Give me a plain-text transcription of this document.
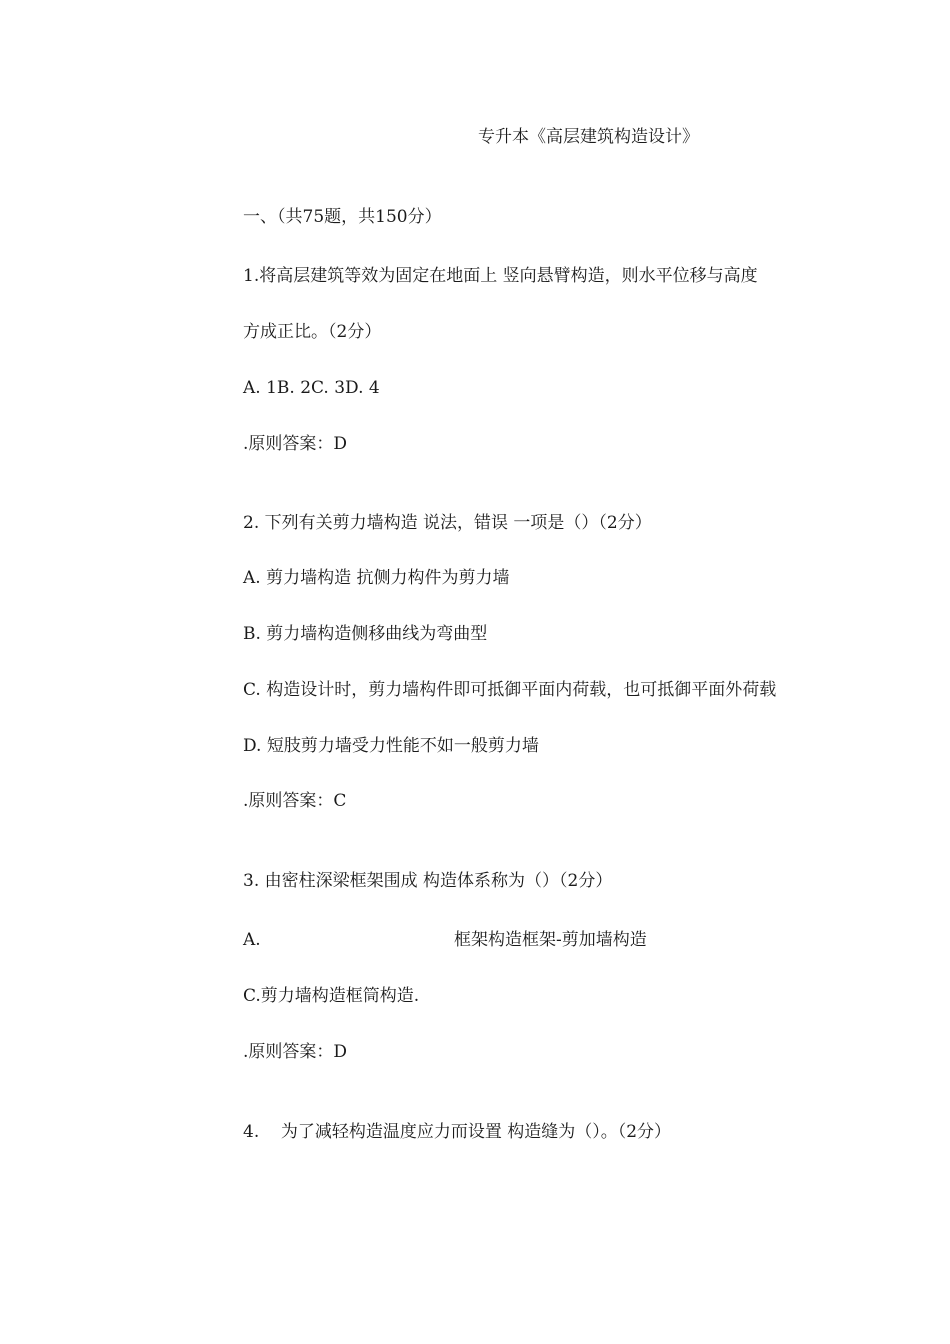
专升本《高层建筑构造设计》
一、（共75题，共150分）
1.将高层建筑等效为固定在地面上 竖向悬臂构造，则水平位移与高度
方成正比。（2分）
A. 1B. 2C. 3D. 4
.原则答案：D
2. 下列有关剪力墙构造 说法，错误 一项是（）（2分）
A. 剪力墙构造 抗侧力构件为剪力墙
B. 剪力墙构造侧移曲线为弯曲型
C. 构造设计时，剪力墙构件即可抵御平面内荷载，也可抵御平面外荷载
D. 短肢剪力墙受力性能不如一般剪力墙
.原则答案：C
3. 由密柱深梁框架围成 构造体系称为（）（2分）
A.	框架构造框架-剪加墙构造
C.剪力墙构造框筒构造.
.原则答案：D
4.    为了减轻构造温度应力而设置 构造缝为（）。（2分）
